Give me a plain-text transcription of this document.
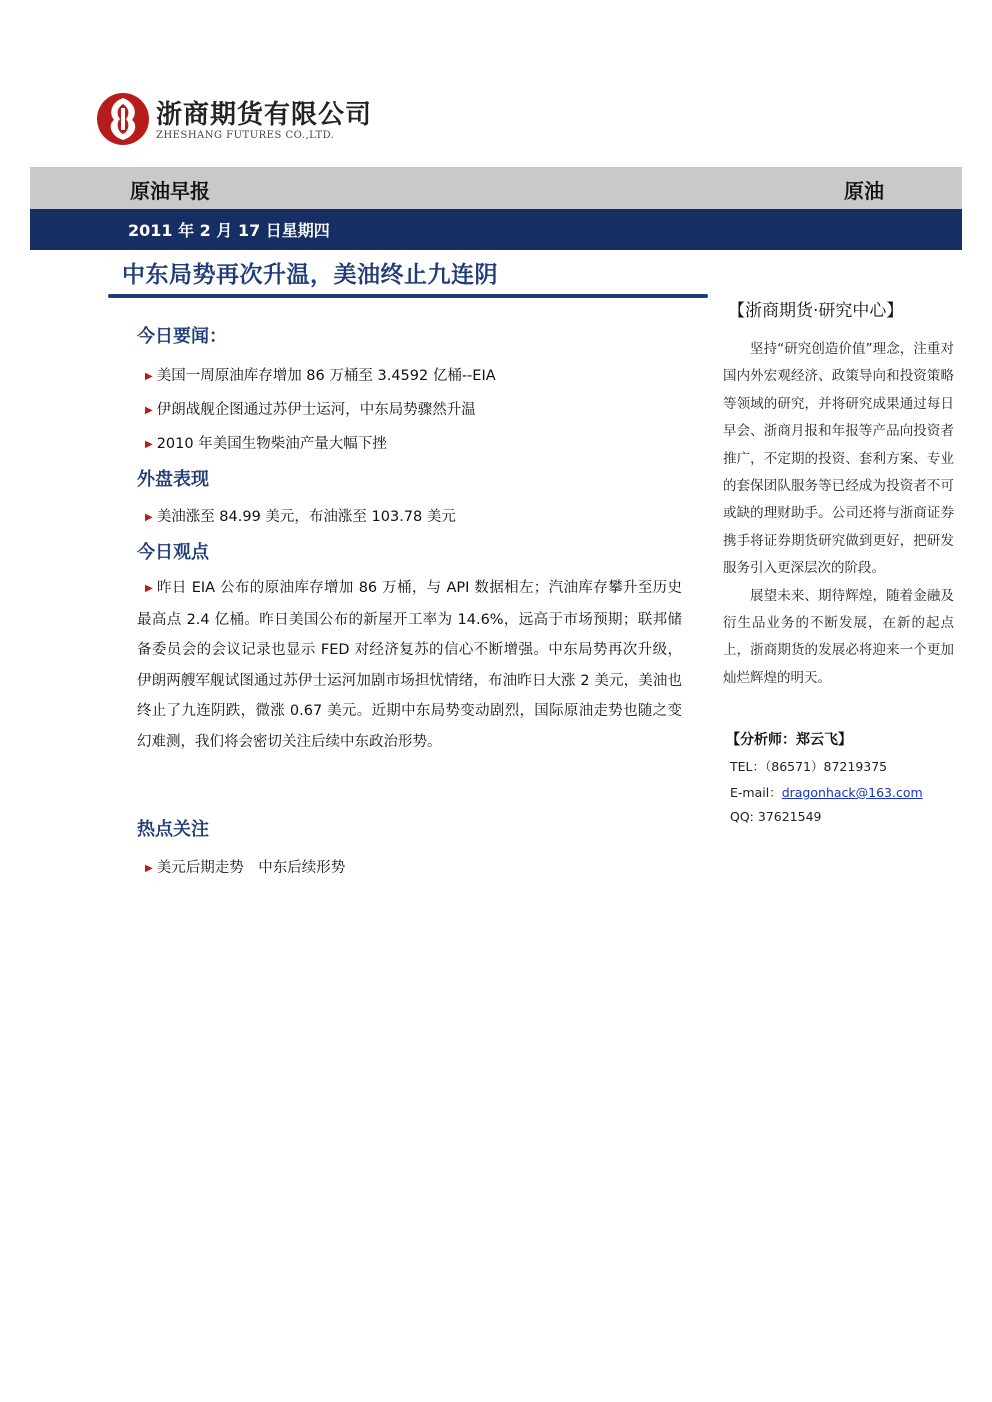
浙商期货有限公司
ZHESHANG FUTURES CO.,LTD.
原油早报	原油
2011 年 2 月 17 日星期四
中东局势再次升温，美油终止九连阴
今日要闻：
▶ 美国一周原油库存增加 86 万桶至 3.4592 亿桶--EIA
▶ 伊朗战舰企图通过苏伊士运河，中东局势骤然升温
▶ 2010 年美国生物柴油产量大幅下挫
外盘表现
▶ 美油涨至 84.99 美元，布油涨至 103.78 美元
今日观点
▶ 昨日 EIA 公布的原油库存增加 86 万桶，与 API 数据相左；汽油库存攀升至历史最高点 2.4 亿桶。昨日美国公布的新屋开工率为 14.6%，远高于市场预期；联邦储备委员会的会议记录也显示 FED 对经济复苏的信心不断增强。中东局势再次升级，伊朗两艘军舰试图通过苏伊士运河加剧市场担忧情绪，布油昨日大涨 2 美元，美油也终止了九连阴跌，微涨 0.67 美元。近期中东局势变动剧烈，国际原油走势也随之变幻难测，我们将会密切关注后续中东政治形势。
热点关注
▶ 美元后期走势　中东后续形势
【浙商期货·研究中心】

坚持“研究创造价值”理念，注重对国内外宏观经济、政策导向和投资策略等领域的研究，并将研究成果通过每日早会、浙商月报和年报等产品向投资者推广，不定期的投资、套利方案、专业的套保团队服务等已经成为投资者不可或缺的理财助手。公司还将与浙商证券携手将证券期货研究做到更好，把研发服务引入更深层次的阶段。

展望未来、期待辉煌，随着金融及衍生品业务的不断发展，在新的起点上，浙商期货的发展必将迎来一个更加灿烂辉煌的明天。

【分析师：郑云飞】
TEL：（86571）87219375
E-mail：dragonhack@163.com
QQ: 37621549
